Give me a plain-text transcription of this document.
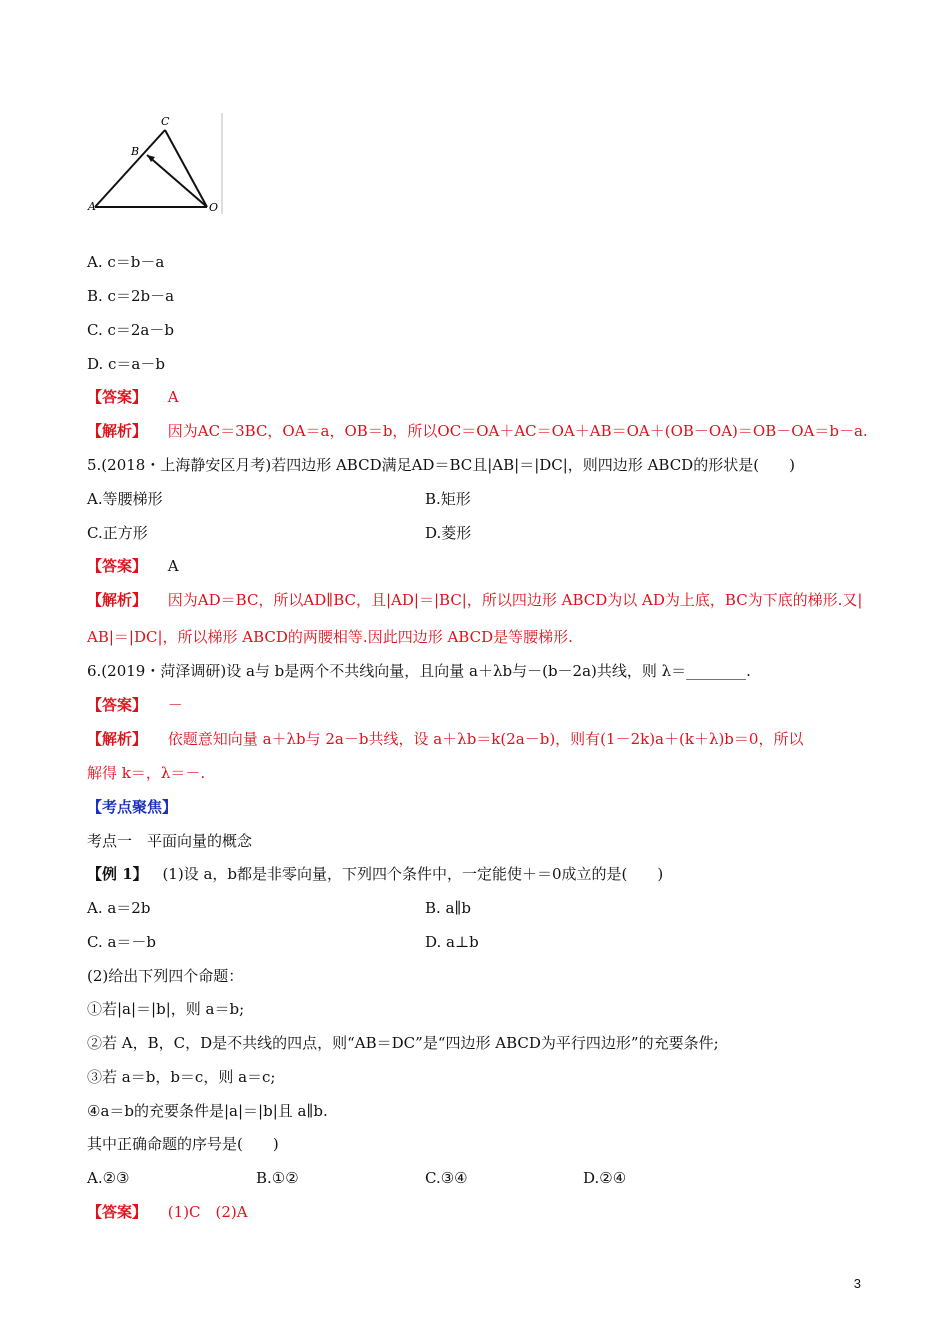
C
B
A	O
A. c＝b－a
B. c＝2b－a
C. c＝2a－b
D. c＝a－b
【答案】 A
【解析】 因为AC＝3BC，OA＝a，OB＝b，所以OC＝OA＋AC＝OA＋AB＝OA＋(OB－OA)＝OB－OA＝b－a.
5.(2018・上海静安区月考)若四边形 ABCD满足AD＝BC且|AB|＝|DC|，则四边形 ABCD的形状是(　　)
A.等腰梯形	B.矩形
C.正方形	D.菱形
【答案】 A
【解析】 因为AD＝BC，所以AD∥BC，且|AD|＝|BC|，所以四边形 ABCD为以 AD为上底，BC为下底的梯形.又|
AB|＝|DC|，所以梯形 ABCD的两腰相等.因此四边形 ABCD是等腰梯形.
6.(2019・菏泽调研)设 a与 b是两个不共线向量，且向量 a＋λb与－(b－2a)共线，则 λ＝________.
【答案】 －
【解析】 依题意知向量 a＋λb与 2a－b共线，设 a＋λb＝k(2a－b)，则有(1－2k)a＋(k＋λ)b＝0，所以
解得 k＝，λ＝－.
【考点聚焦】
考点一　平面向量的概念
【例 1】 (1)设 a，b都是非零向量，下列四个条件中，一定能使＋＝0成立的是(　　)
A. a＝2b	B. a∥b
C. a＝－b	D. a⊥b
(2)给出下列四个命题：
①若|a|＝|b|，则 a＝b;
②若 A，B，C，D是不共线的四点，则“AB＝DC”是“四边形 ABCD为平行四边形”的充要条件;
③若 a＝b，b＝c，则 a＝c;
④a＝b的充要条件是|a|＝|b|且 a∥b.
其中正确命题的序号是(　　)
A.②③	B.①②	C.③④	D.②④
【答案】 (1)C　(2)A
3
